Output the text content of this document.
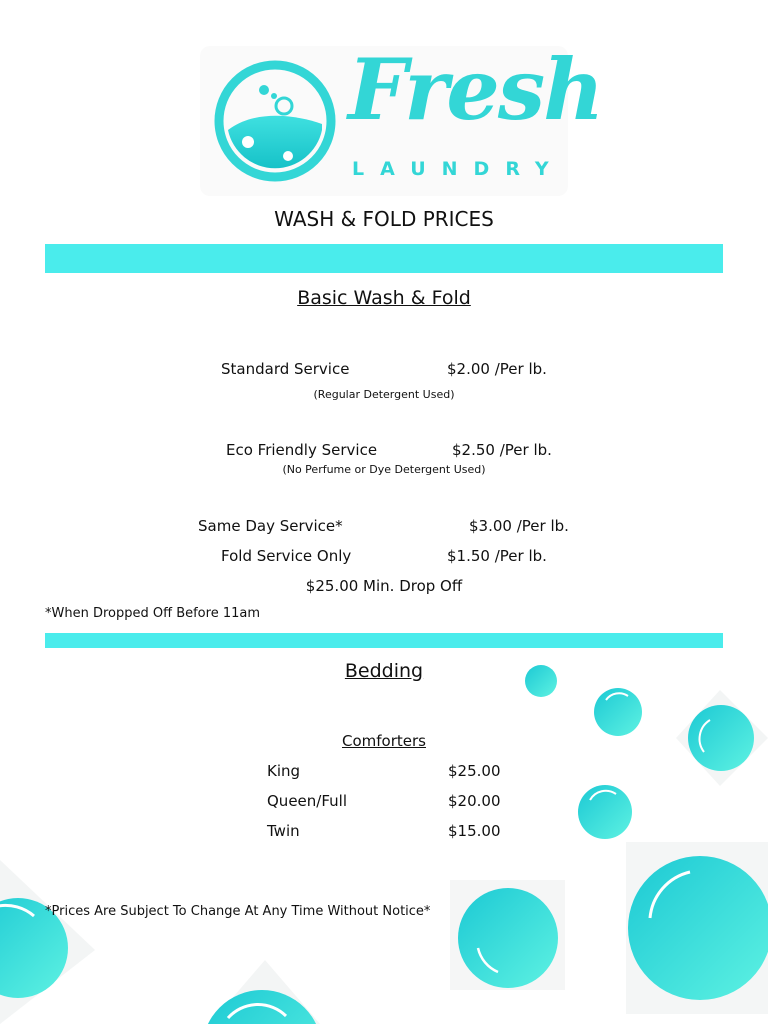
Fresh
LAUNDRY
WASH & FOLD PRICES
Basic Wash & Fold
Standard Service	$2.00 /Per lb.
(Regular Detergent Used)
Eco Friendly Service	$2.50 /Per lb.
(No Perfume or Dye Detergent Used)
Same Day Service*	$3.00 /Per lb.
Fold Service Only	$1.50 /Per lb.
$25.00 Min. Drop Off
*When Dropped Off Before 11am
Bedding
Comforters
King	$25.00
Queen/Full	$20.00
Twin	$15.00
*Prices Are Subject To Change At Any Time Without Notice*
